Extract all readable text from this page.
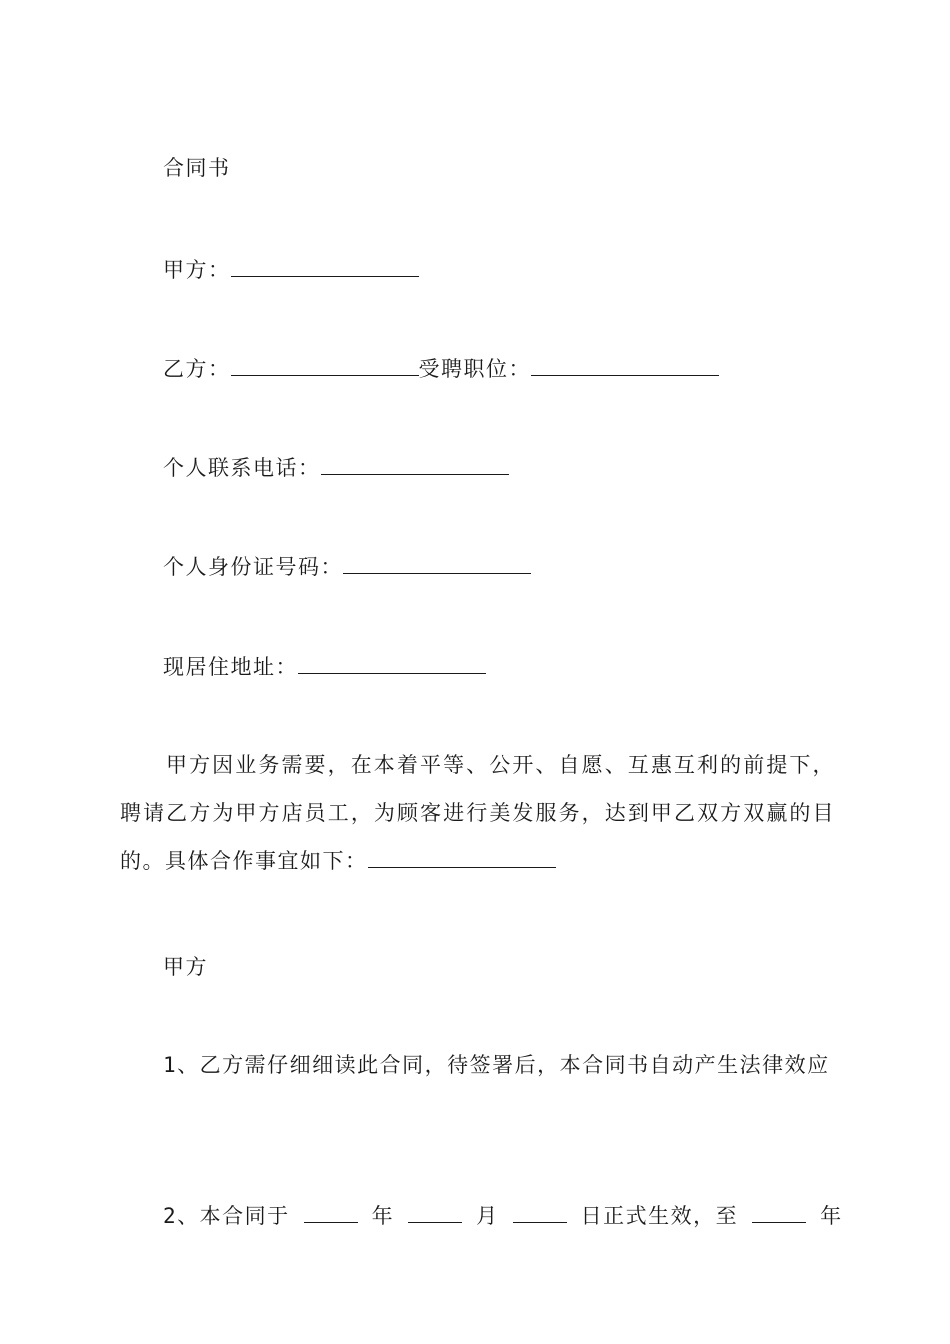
合同书
甲方：
乙方：	受聘职位：
个人联系电话：
个人身份证号码：
现居住地址：
甲方因业务需要，在本着平等、公开、自愿、互惠互利的前提下，聘请乙方为甲方店员工，为顾客进行美发服务，达到甲乙双方双赢的目的。具体合作事宜如下：
甲方
1、乙方需仔细细读此合同，待签署后，本合同书自动产生法律效应
2、本合同于	年	月	日正式生效，至	年
